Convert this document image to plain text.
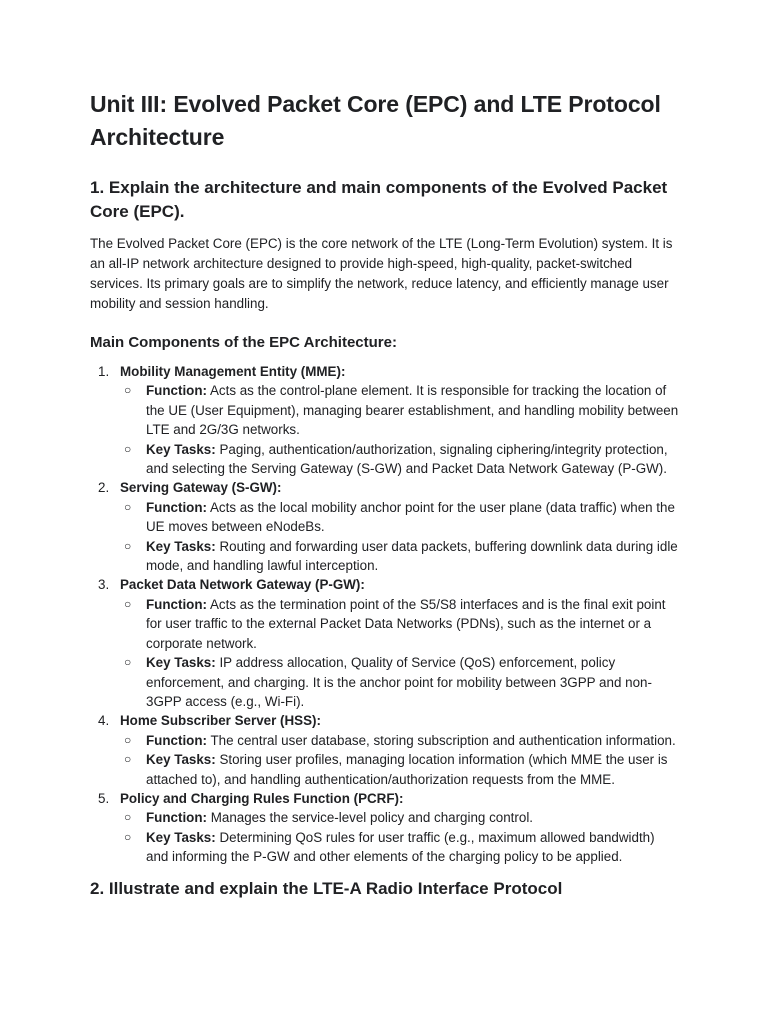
Unit III: Evolved Packet Core (EPC) and LTE Protocol Architecture
1. Explain the architecture and main components of the Evolved Packet Core (EPC).

The Evolved Packet Core (EPC) is the core network of the LTE (Long-Term Evolution) system. It is an all-IP network architecture designed to provide high-speed, high-quality, packet-switched services. Its primary goals are to simplify the network, reduce latency, and efficiently manage user mobility and session handling.

Main Components of the EPC Architecture:
1. Mobility Management Entity (MME):
○ Function: Acts as the control-plane element. It is responsible for tracking the location of the UE (User Equipment), managing bearer establishment, and handling mobility between LTE and 2G/3G networks.
○ Key Tasks: Paging, authentication/authorization, signaling ciphering/integrity protection, and selecting the Serving Gateway (S-GW) and Packet Data Network Gateway (P-GW).
2. Serving Gateway (S-GW):
○ Function: Acts as the local mobility anchor point for the user plane (data traffic) when the UE moves between eNodeBs.
○ Key Tasks: Routing and forwarding user data packets, buffering downlink data during idle mode, and handling lawful interception.
3. Packet Data Network Gateway (P-GW):
○ Function: Acts as the termination point of the S5/S8 interfaces and is the final exit point for user traffic to the external Packet Data Networks (PDNs), such as the internet or a corporate network.
○ Key Tasks: IP address allocation, Quality of Service (QoS) enforcement, policy enforcement, and charging. It is the anchor point for mobility between 3GPP and non-3GPP access (e.g., Wi-Fi).
4. Home Subscriber Server (HSS):
○ Function: The central user database, storing subscription and authentication information.
○ Key Tasks: Storing user profiles, managing location information (which MME the user is attached to), and handling authentication/authorization requests from the MME.
5. Policy and Charging Rules Function (PCRF):
○ Function: Manages the service-level policy and charging control.
○ Key Tasks: Determining QoS rules for user traffic (e.g., maximum allowed bandwidth) and informing the P-GW and other elements of the charging policy to be applied.
2. Illustrate and explain the LTE-A Radio Interface Protocol
